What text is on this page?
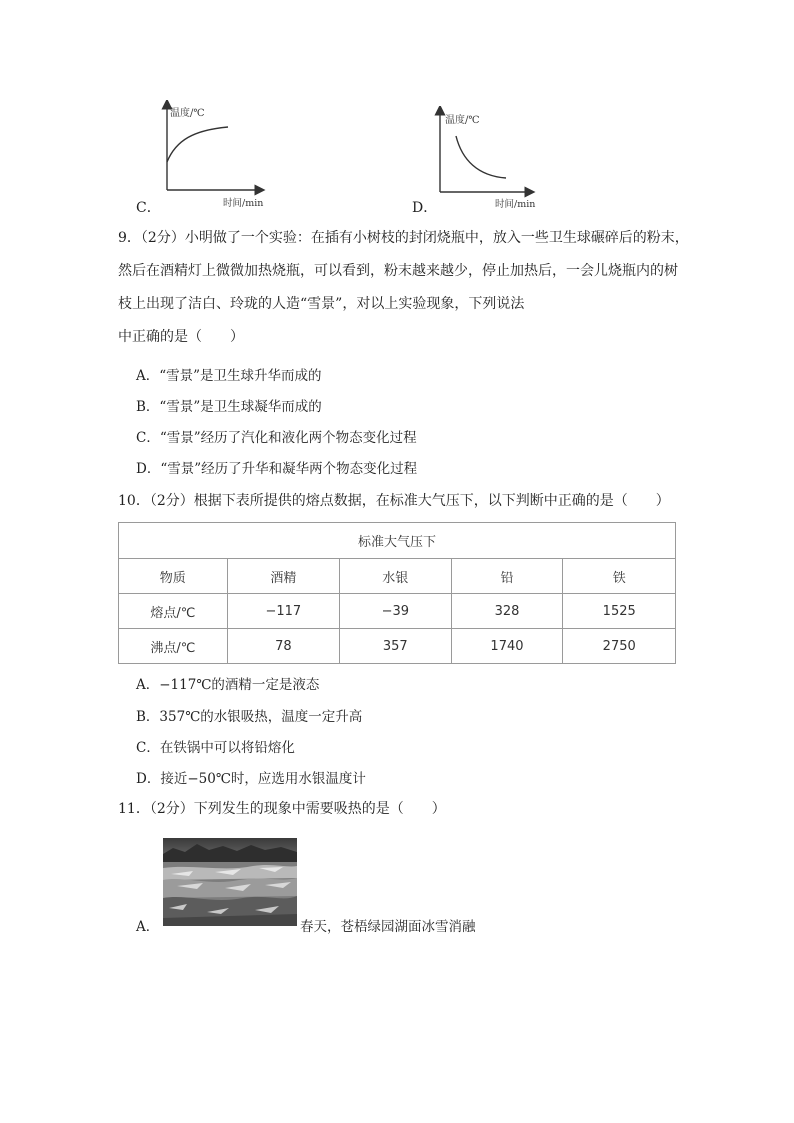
温度/℃
时间/min
C．
温度/℃
时间/min
D．
9．（2分）小明做了一个实验：在插有小树枝的封闭烧瓶中，放入一些卫生球碾碎后的粉末，
然后在酒精灯上微微加热烧瓶，可以看到，粉末越来越少，停止加热后，一会儿烧瓶内的树
枝上出现了洁白、玲珑的人造“雪景”，对以上实验现象，下列说法
中正确的是（　　）
A．“雪景”是卫生球升华而成的
B．“雪景”是卫生球凝华而成的
C．“雪景”经历了汽化和液化两个物态变化过程
D．“雪景”经历了升华和凝华两个物态变化过程
10．（2分）根据下表所提供的熔点数据，在标准大气压下，以下判断中正确的是（　　）
标准大气压下				
物质	酒精	水银	铅	铁
熔点/℃	−117	−39	328	1525
沸点/℃	78	357	1740	2750
A．−117℃的酒精一定是液态
B．357℃的水银吸热，温度一定升高
C．在铁锅中可以将铅熔化
D．接近−50℃时，应选用水银温度计
11．（2分）下列发生的现象中需要吸热的是（　　）
A．	春天，苍梧绿园湖面冰雪消融
